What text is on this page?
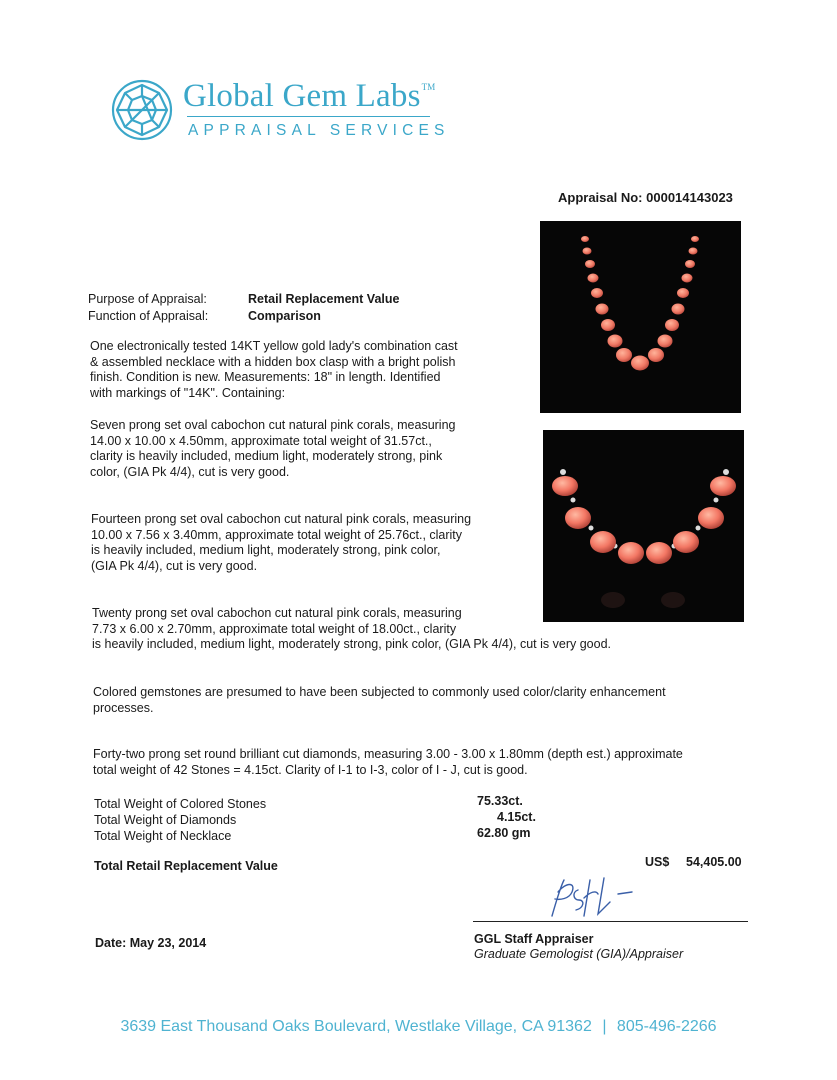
Global Gem Labs™
APPRAISAL SERVICES
Appraisal No: 000014143023
Purpose of Appraisal:	Retail Replacement Value
Function of Appraisal:	Comparison
One electronically tested 14KT yellow gold lady's combination cast
& assembled necklace with a hidden box clasp with a bright polish
finish. Condition is new. Measurements: 18" in length. Identified
with markings of "14K". Containing:
Seven prong set oval cabochon cut natural pink corals, measuring
14.00 x 10.00 x 4.50mm, approximate total weight of 31.57ct.,
clarity is heavily included, medium light, moderately strong, pink
color, (GIA Pk 4/4), cut is very good.
Fourteen prong set oval cabochon cut natural pink corals, measuring
10.00 x 7.56 x 3.40mm, approximate total weight of 25.76ct., clarity
is heavily included, medium light, moderately strong, pink color,
(GIA Pk 4/4), cut is very good.
Twenty prong set oval cabochon cut natural pink corals, measuring
7.73 x 6.00 x 2.70mm, approximate total weight of 18.00ct., clarity
is heavily included, medium light, moderately strong, pink color, (GIA Pk 4/4), cut is very good.
Colored gemstones are presumed to have been subjected to commonly used color/clarity enhancement
processes.
Forty-two prong set round brilliant cut diamonds, measuring 3.00 - 3.00 x 1.80mm (depth est.) approximate
total weight of 42 Stones = 4.15ct. Clarity of I-1 to I-3, color of I - J, cut is good.
Total Weight of Colored Stones	75.33ct.
Total Weight of Diamonds	4.15ct.
Total Weight of Necklace	62.80 gm
Total Retail Replacement Value	US$ 54,405.00
Date: May 23, 2014	GGL Staff Appraiser
Graduate Gemologist (GIA)/Appraiser
3639 East Thousand Oaks Boulevard, Westlake Village, CA 91362 | 805-496-2266
